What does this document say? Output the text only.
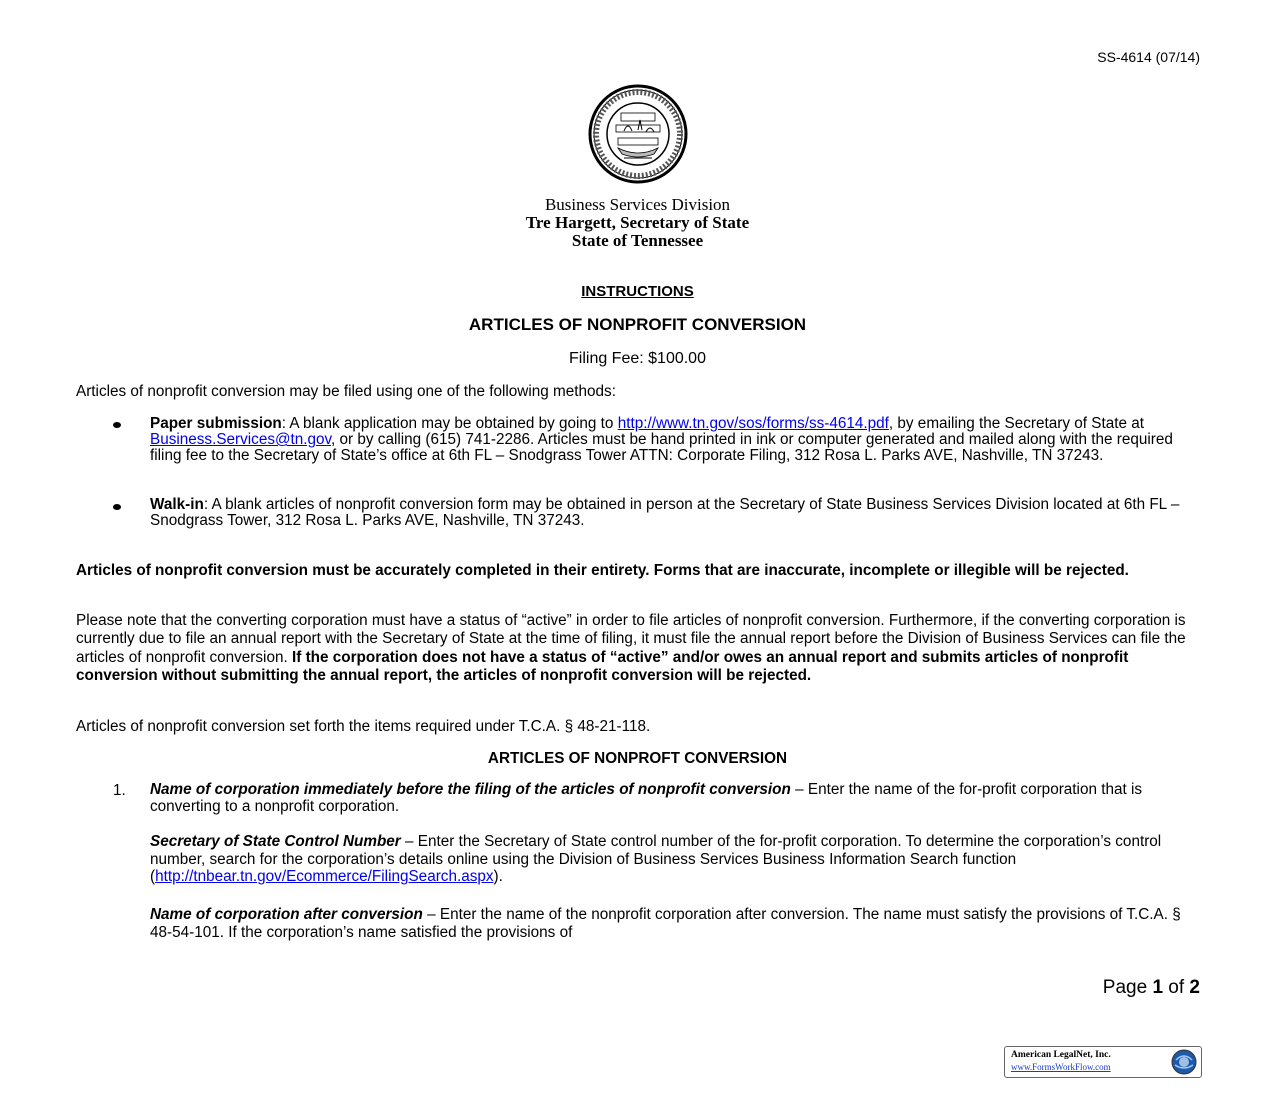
SS-4614 (07/14)
Business Services Division
Tre Hargett, Secretary of State
State of Tennessee
INSTRUCTIONS
ARTICLES OF NONPROFIT CONVERSION
Filing Fee: $100.00
Articles of nonprofit conversion may be filed using one of the following methods:
Paper submission: A blank application may be obtained by going to http://www.tn.gov/sos/forms/ss-4614.pdf, by emailing the Secretary of State at Business.Services@tn.gov, or by calling (615) 741-2286. Articles must be hand printed in ink or computer generated and mailed along with the required filing fee to the Secretary of State’s office at 6th FL – Snodgrass Tower ATTN: Corporate Filing, 312 Rosa L. Parks AVE, Nashville, TN 37243.
Walk-in: A blank articles of nonprofit conversion form may be obtained in person at the Secretary of State Business Services Division located at 6th FL – Snodgrass Tower, 312 Rosa L. Parks AVE, Nashville, TN 37243.
Articles of nonprofit conversion must be accurately completed in their entirety. Forms that are inaccurate, incomplete or illegible will be rejected.
Please note that the converting corporation must have a status of “active” in order to file articles of nonprofit conversion. Furthermore, if the converting corporation is currently due to file an annual report with the Secretary of State at the time of filing, it must file the annual report before the Division of Business Services can file the articles of nonprofit conversion. If the corporation does not have a status of “active” and/or owes an annual report and submits articles of nonprofit conversion without submitting the annual report, the articles of nonprofit conversion will be rejected.
Articles of nonprofit conversion set forth the items required under T.C.A. § 48-21-118.
ARTICLES OF NONPROFT CONVERSION
1. Name of corporation immediately before the filing of the articles of nonprofit conversion – Enter the name of the for-profit corporation that is converting to a nonprofit corporation.
Secretary of State Control Number – Enter the Secretary of State control number of the for-profit corporation. To determine the corporation’s control number, search for the corporation’s details online using the Division of Business Services Business Information Search function (http://tnbear.tn.gov/Ecommerce/FilingSearch.aspx).
Name of corporation after conversion – Enter the name of the nonprofit corporation after conversion. The name must satisfy the provisions of T.C.A. § 48-54-101. If the corporation’s name satisfied the provisions of
Page 1 of 2
American LegalNet, Inc.
www.FormsWorkFlow.com
